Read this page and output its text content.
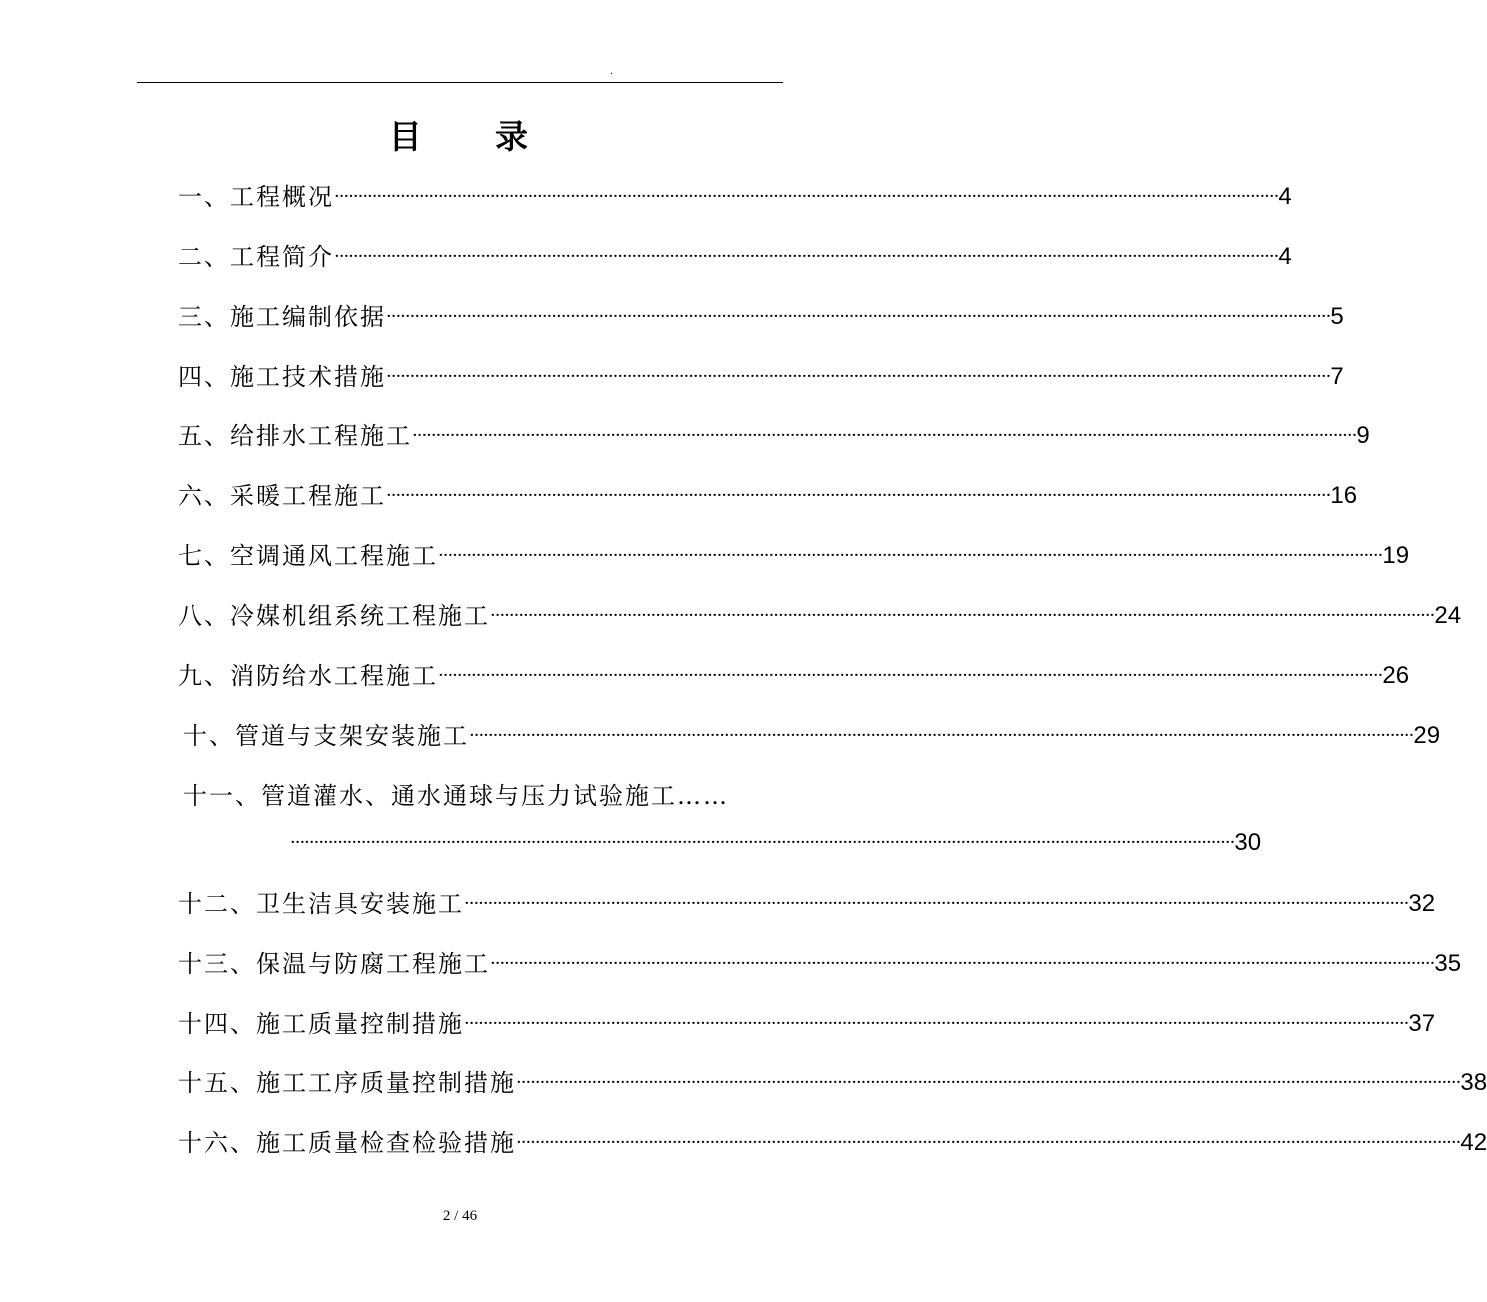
.
目 录
一、工程概况 ········································································································································································································ 4
二、工程简介 ········································································································································································································ 4
三、施工编制依据 ········································································································································································································ 5
四、施工技术措施 ········································································································································································································ 7
五、给排水工程施工 ········································································································································································································ 9
六、采暖工程施工 ········································································································································································································ 16
七、空调通风工程施工 ········································································································································································································ 19
八、冷媒机组系统工程施工 ········································································································································································································ 24
九、消防给水工程施工 ········································································································································································································ 26
十、管道与支架安装施工 ········································································································································································································ 29
十一、管道灌水、通水通球与压力试验施工……
········································································································································································································ 30
十二、卫生洁具安装施工 ········································································································································································································ 32
十三、保温与防腐工程施工 ········································································································································································································ 35
十四、施工质量控制措施 ········································································································································································································ 37
十五、施工工序质量控制措施 ········································································································································································································ 38
十六、施工质量检查检验措施 ········································································································································································································ 42
2 / 46
